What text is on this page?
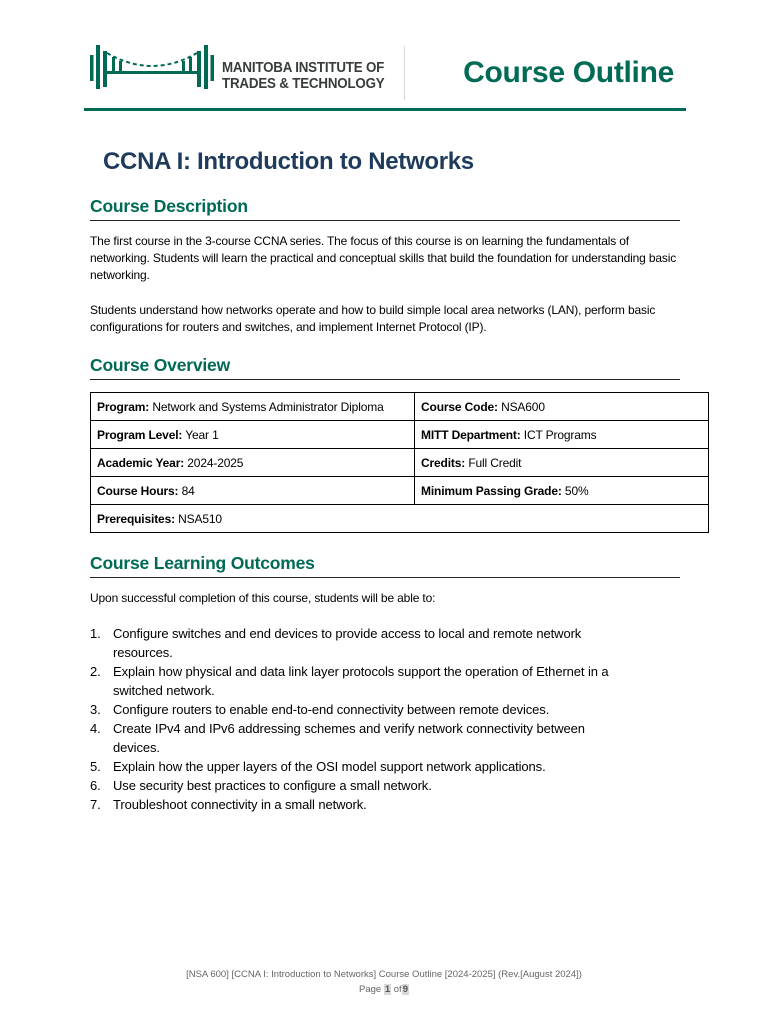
MANITOBA INSTITUTE OF
TRADES & TECHNOLOGY	Course Outline
CCNA I: Introduction to Networks
Course Description

The first course in the 3-course CCNA series. The focus of this course is on learning the fundamentals of networking. Students will learn the practical and conceptual skills that build the foundation for understanding basic networking.

Students understand how networks operate and how to build simple local area networks (LAN), perform basic configurations for routers and switches, and implement Internet Protocol (IP).

Course Overview
Program: Network and Systems Administrator Diploma	Course Code: NSA600
Program Level: Year 1	MITT Department: ICT Programs
Academic Year: 2024-2025	Credits: Full Credit
Course Hours: 84	Minimum Passing Grade: 50%
Prerequisites: NSA510	
Course Learning Outcomes

Upon successful completion of this course, students will be able to:

1. Configure switches and end devices to provide access to local and remote network resources.
2. Explain how physical and data link layer protocols support the operation of Ethernet in a switched network.
3. Configure routers to enable end-to-end connectivity between remote devices.
4. Create IPv4 and IPv6 addressing schemes and verify network connectivity between devices.
5. Explain how the upper layers of the OSI model support network applications.
6. Use security best practices to configure a small network.
7. Troubleshoot connectivity in a small network.
[NSA 600] [CCNA I: Introduction to Networks] Course Outline [2024-2025] (Rev.[August 2024])
Page 1 of9
